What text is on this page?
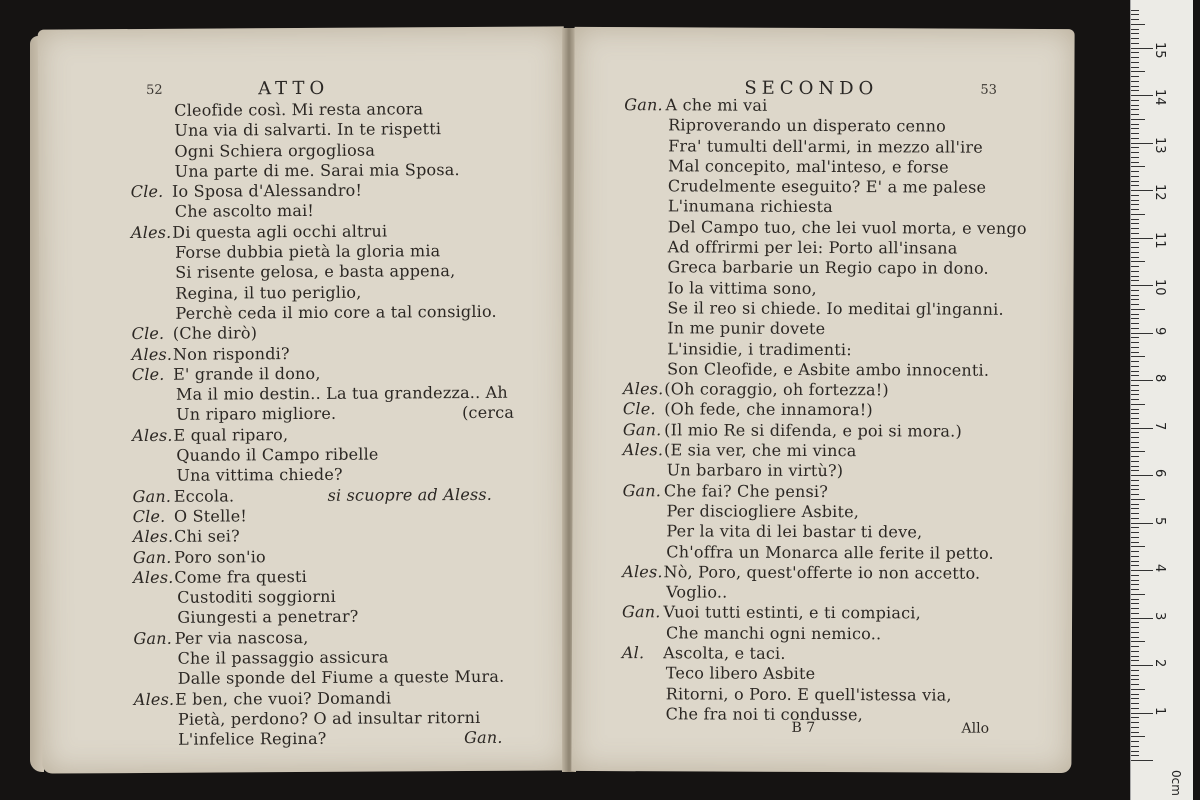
52	ATTO
Cleofide così. Mi resta ancora
Una via di salvarti. In te rispetti
Ogni Schiera orgogliosa
Una parte di me. Sarai mia Sposa.
Cle. Io Sposa d'Alessandro!
Che ascolto mai!
Ales. Di questa agli occhi altrui
Forse dubbia pietà la gloria mia
Si risente gelosa, e basta appena,
Regina, il tuo periglio,
Perchè ceda il mio core a tal consiglio.
Cle. (Che dirò)
Ales. Non rispondi?
Cle. E' grande il dono,
Ma il mio destin.. La tua grandezza.. Ah
Un riparo migliore.	(cerca
Ales. E qual riparo,
Quando il Campo ribelle
Una vittima chiede?
Gan. Eccola.	si scuopre ad Aless.
Cle. O Stelle!
Ales. Chi sei?
Gan. Poro son'io
Ales. Come fra questi
Custoditi soggiorni
Giungesti a penetrar?
Gan. Per via nascosa,
Che il passaggio assicura
Dalle sponde del Fiume a queste Mura.
Ales. E ben, che vuoi? Domandi
Pietà, perdono? O ad insultar ritorni
L'infelice Regina?	Gan.
SECONDO	53
Gan. A che mi vai
Riproverando un disperato cenno
Fra' tumulti dell'armi, in mezzo all'ire
Mal concepito, mal'inteso, e forse
Crudelmente eseguito? E' a me palese
L'inumana richiesta
Del Campo tuo, che lei vuol morta, e vengo
Ad offrirmi per lei: Porto all'insana
Greca barbarie un Regio capo in dono.
Io la vittima sono,
Se il reo si chiede. Io meditai gl'inganni.
In me punir dovete
L'insidie, i tradimenti:
Son Cleofide, e Asbite ambo innocenti.
Ales. (Oh coraggio, oh fortezza!)
Cle. (Oh fede, che innamora!)
Gan. (Il mio Re si difenda, e poi si mora.)
Ales. (E sia ver, che mi vinca
Un barbaro in virtù?)
Gan. Che fai? Che pensi?
Per disciogliere Asbite,
Per la vita di lei bastar ti deve,
Ch'offra un Monarca alle ferite il petto.
Ales. Nò, Poro, quest'offerte io non accetto.
Voglio..
Gan. Vuoi tutti estinti, e ti compiaci,
Che manchi ogni nemico..
Al. Ascolta, e taci.
Teco libero Asbite
Ritorni, o Poro. E quell'istessa via,
Che fra noi ti condusse,
B 7	Allo
0cm
1
2
3
4
5
6
7
8
9
10
11
12
13
14
15
